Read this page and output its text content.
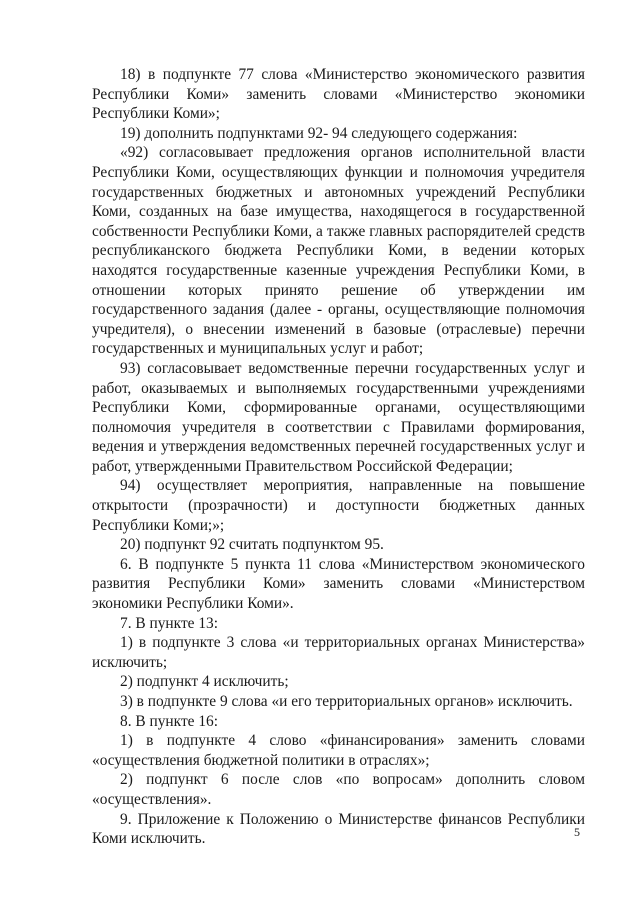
18) в подпункте 77 слова «Министерство экономического развития Республики Коми» заменить словами «Министерство экономики Республики Коми»;

19) дополнить подпунктами 92- 94 следующего содержания:

«92) согласовывает предложения органов исполнительной власти Республики Коми, осуществляющих функции и полномочия учредителя государственных бюджетных и автономных учреждений Республики Коми, созданных на базе имущества, находящегося в государственной собственности Республики Коми, а также главных распорядителей средств республиканского бюджета Республики Коми, в ведении которых находятся государственные казенные учреждения Республики Коми, в отношении которых принято решение об утверждении им государственного задания (далее - органы, осуществляющие полномочия учредителя), о внесении изменений в базовые (отраслевые) перечни государственных и муниципальных услуг и работ;

93) согласовывает ведомственные перечни государственных услуг и работ, оказываемых и выполняемых государственными учреждениями Республики Коми, сформированные органами, осуществляющими полномочия учредителя в соответствии с Правилами формирования, ведения и утверждения ведомственных перечней государственных услуг и работ, утвержденными Правительством Российской Федерации;

94) осуществляет мероприятия, направленные на повышение открытости (прозрачности) и доступности бюджетных данных Республики Коми;»;

20) подпункт 92 считать подпунктом 95.

6. В подпункте 5 пункта 11 слова «Министерством экономического развития Республики Коми» заменить словами «Министерством экономики Республики Коми».

7. В пункте 13:

1) в подпункте 3 слова «и территориальных органах Министерства» исключить;

2) подпункт 4 исключить;

3) в подпункте 9 слова «и его территориальных органов» исключить.

8. В пункте 16:

1) в подпункте 4 слово «финансирования» заменить словами «осуществления бюджетной политики в отраслях»;

2) подпункт 6 после слов «по вопросам» дополнить словом «осуществления».

9. Приложение к Положению о Министерстве финансов Республики Коми исключить.	5
